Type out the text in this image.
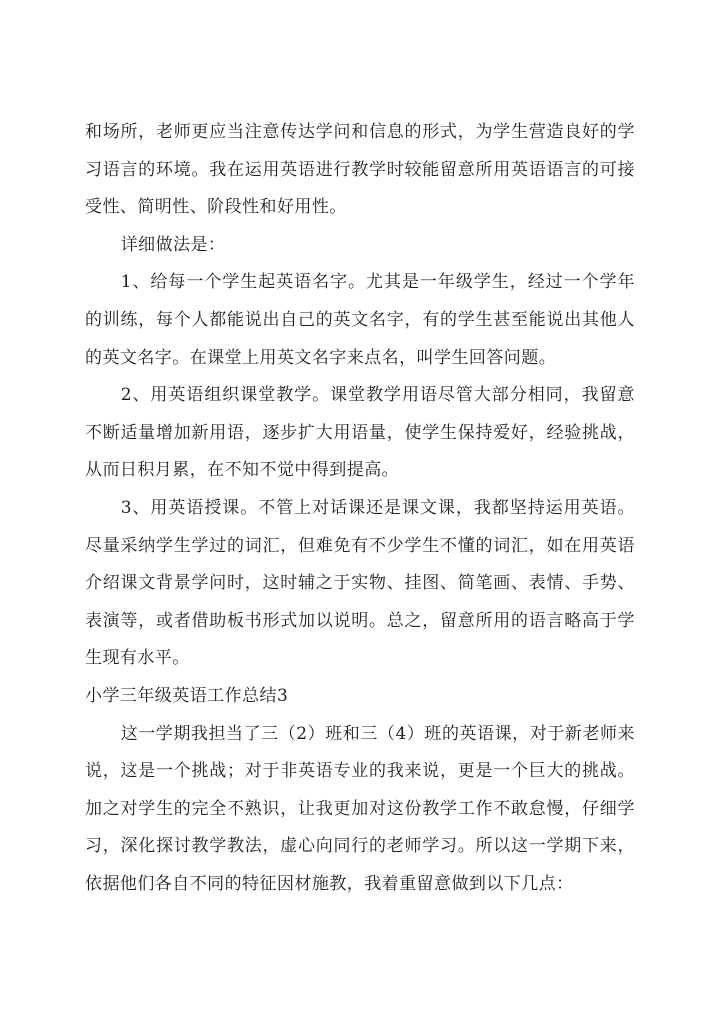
和场所，老师更应当注意传达学问和信息的形式，为学生营造良好的学习语言的环境。我在运用英语进行教学时较能留意所用英语语言的可接受性、简明性、阶段性和好用性。

详细做法是：

1、给每一个学生起英语名字。尤其是一年级学生，经过一个学年的训练，每个人都能说出自己的英文名字，有的学生甚至能说出其他人的英文名字。在课堂上用英文名字来点名，叫学生回答问题。

2、用英语组织课堂教学。课堂教学用语尽管大部分相同，我留意不断适量增加新用语，逐步扩大用语量，使学生保持爱好，经验挑战，从而日积月累，在不知不觉中得到提高。

3、用英语授课。不管上对话课还是课文课，我都坚持运用英语。尽量采纳学生学过的词汇，但难免有不少学生不懂的词汇，如在用英语介绍课文背景学问时，这时辅之于实物、挂图、简笔画、表情、手势、表演等，或者借助板书形式加以说明。总之，留意所用的语言略高于学生现有水平。

小学三年级英语工作总结3

这一学期我担当了三（2）班和三（4）班的英语课，对于新老师来说，这是一个挑战；对于非英语专业的我来说，更是一个巨大的挑战。加之对学生的完全不熟识，让我更加对这份教学工作不敢怠慢，仔细学习，深化探讨教学教法，虚心向同行的老师学习。所以这一学期下来，依据他们各自不同的特征因材施教，我着重留意做到以下几点：
